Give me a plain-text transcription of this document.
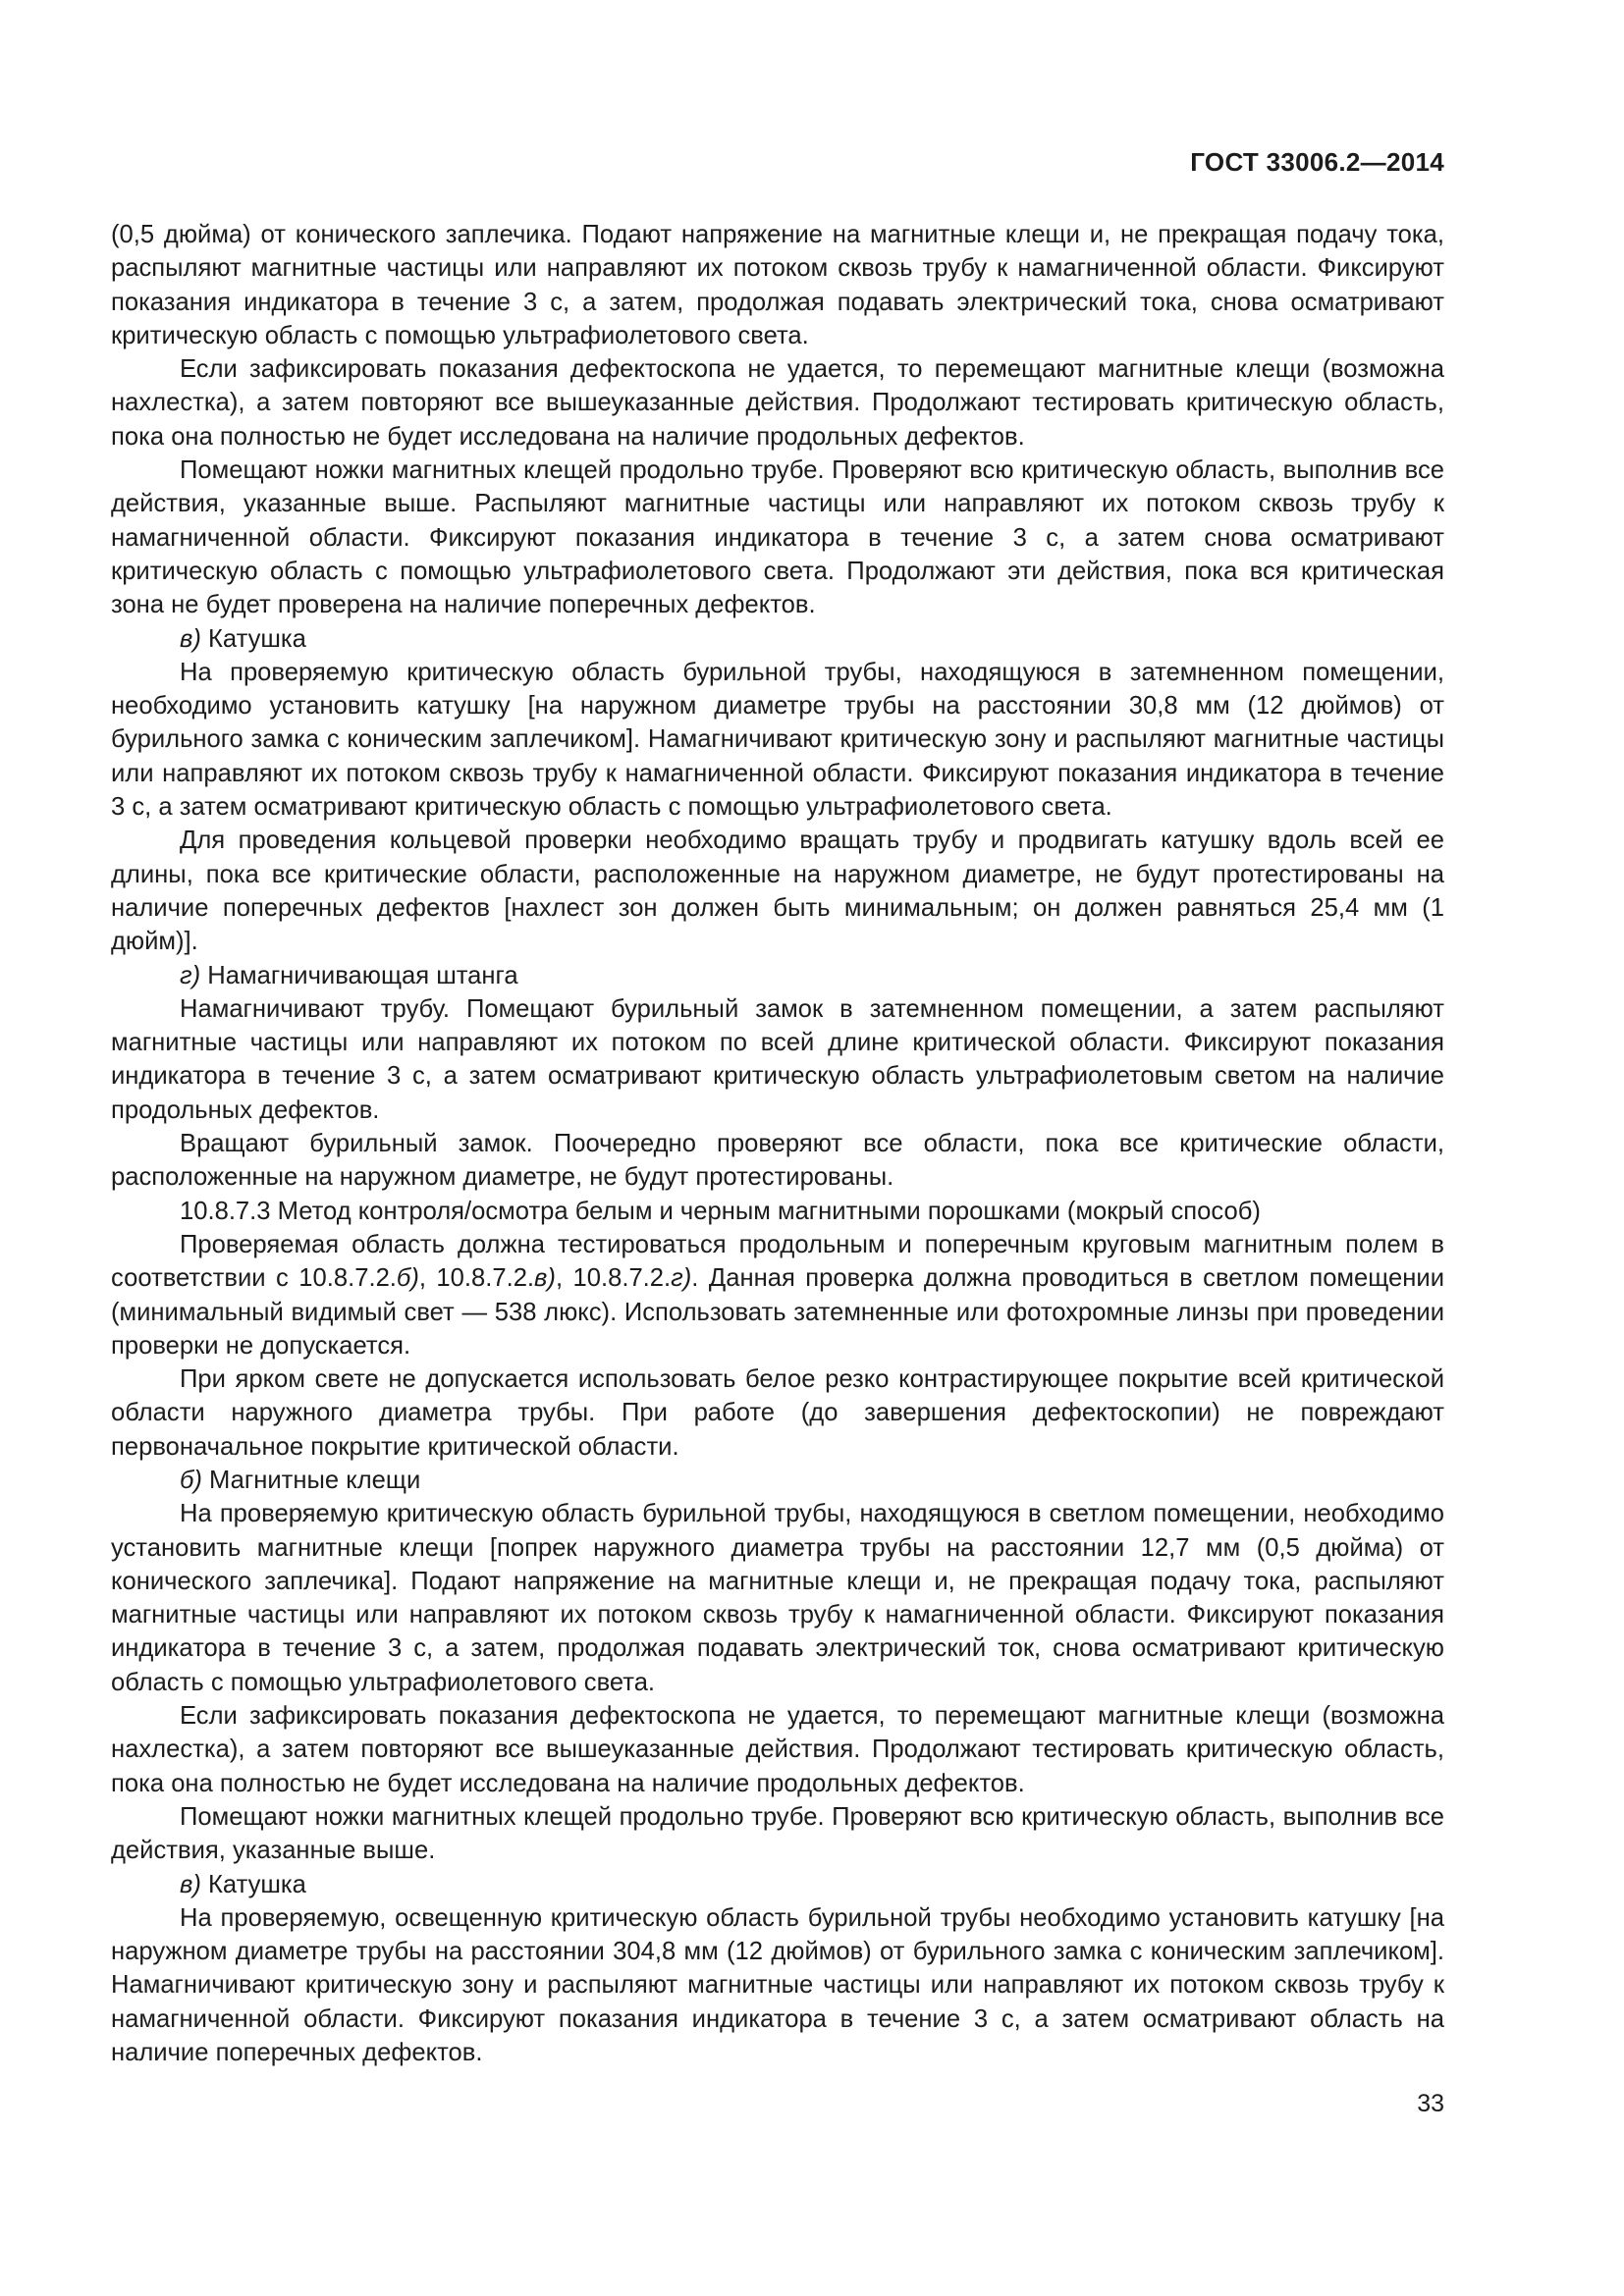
ГОСТ 33006.2—2014

(0,5 дюйма) от конического заплечика. Подают напряжение на магнитные клещи и, не прекращая подачу тока, распыляют магнитные частицы или направляют их потоком сквозь трубу к намагниченной области. Фиксируют показания индикатора в течение 3 с, а затем, продолжая подавать электрический тока, снова осматривают критическую область с помощью ультрафиолетового света.

Если зафиксировать показания дефектоскопа не удается, то перемещают магнитные клещи (возможна нахлестка), а затем повторяют все вышеуказанные действия. Продолжают тестировать критическую область, пока она полностью не будет исследована на наличие продольных дефектов.

Помещают ножки магнитных клещей продольно трубе. Проверяют всю критическую область, выполнив все действия, указанные выше. Распыляют магнитные частицы или направляют их потоком сквозь трубу к намагниченной области. Фиксируют показания индикатора в течение 3 с, а затем снова осматривают критическую область с помощью ультрафиолетового света. Продолжают эти действия, пока вся критическая зона не будет проверена на наличие поперечных дефектов.

в) Катушка

На проверяемую критическую область бурильной трубы, находящуюся в затемненном помещении, необходимо установить катушку [на наружном диаметре трубы на расстоянии 30,8 мм (12 дюймов) от бурильного замка с коническим заплечиком]. Намагничивают критическую зону и распыляют магнитные частицы или направляют их потоком сквозь трубу к намагниченной области. Фиксируют показания индикатора в течение 3 с, а затем осматривают критическую область с помощью ультрафиолетового света.

Для проведения кольцевой проверки необходимо вращать трубу и продвигать катушку вдоль всей ее длины, пока все критические области, расположенные на наружном диаметре, не будут протестированы на наличие поперечных дефектов [нахлест зон должен быть минимальным; он должен равняться 25,4 мм (1 дюйм)].

г) Намагничивающая штанга

Намагничивают трубу. Помещают бурильный замок в затемненном помещении, а затем распыляют магнитные частицы или направляют их потоком по всей длине критической области. Фиксируют показания индикатора в течение 3 с, а затем осматривают критическую область ультрафиолетовым светом на наличие продольных дефектов.

Вращают бурильный замок. Поочередно проверяют все области, пока все критические области, расположенные на наружном диаметре, не будут протестированы.

10.8.7.3 Метод контроля/осмотра белым и черным магнитными порошками (мокрый способ)

Проверяемая область должна тестироваться продольным и поперечным круговым магнитным полем в соответствии с 10.8.7.2.б), 10.8.7.2.в), 10.8.7.2.г). Данная проверка должна проводиться в светлом помещении (минимальный видимый свет — 538 люкс). Использовать затемненные или фотохромные линзы при проведении проверки не допускается.

При ярком свете не допускается использовать белое резко контрастирующее покрытие всей критической области наружного диаметра трубы. При работе (до завершения дефектоскопии) не повреждают первоначальное покрытие критической области.

б) Магнитные клещи

На проверяемую критическую область бурильной трубы, находящуюся в светлом помещении, необходимо установить магнитные клещи [попрек наружного диаметра трубы на расстоянии 12,7 мм (0,5 дюйма) от конического заплечика]. Подают напряжение на магнитные клещи и, не прекращая подачу тока, распыляют магнитные частицы или направляют их потоком сквозь трубу к намагниченной области. Фиксируют показания индикатора в течение 3 с, а затем, продолжая подавать электрический ток, снова осматривают критическую область с помощью ультрафиолетового света.

Если зафиксировать показания дефектоскопа не удается, то перемещают магнитные клещи (возможна нахлестка), а затем повторяют все вышеуказанные действия. Продолжают тестировать критическую область, пока она полностью не будет исследована на наличие продольных дефектов.

Помещают ножки магнитных клещей продольно трубе. Проверяют всю критическую область, выполнив все действия, указанные выше.

в) Катушка

На проверяемую, освещенную критическую область бурильной трубы необходимо установить катушку [на наружном диаметре трубы на расстоянии 304,8 мм (12 дюймов) от бурильного замка с коническим заплечиком]. Намагничивают критическую зону и распыляют магнитные частицы или направляют их потоком сквозь трубу к намагниченной области. Фиксируют показания индикатора в течение 3 с, а затем осматривают область на наличие поперечных дефектов.

33
